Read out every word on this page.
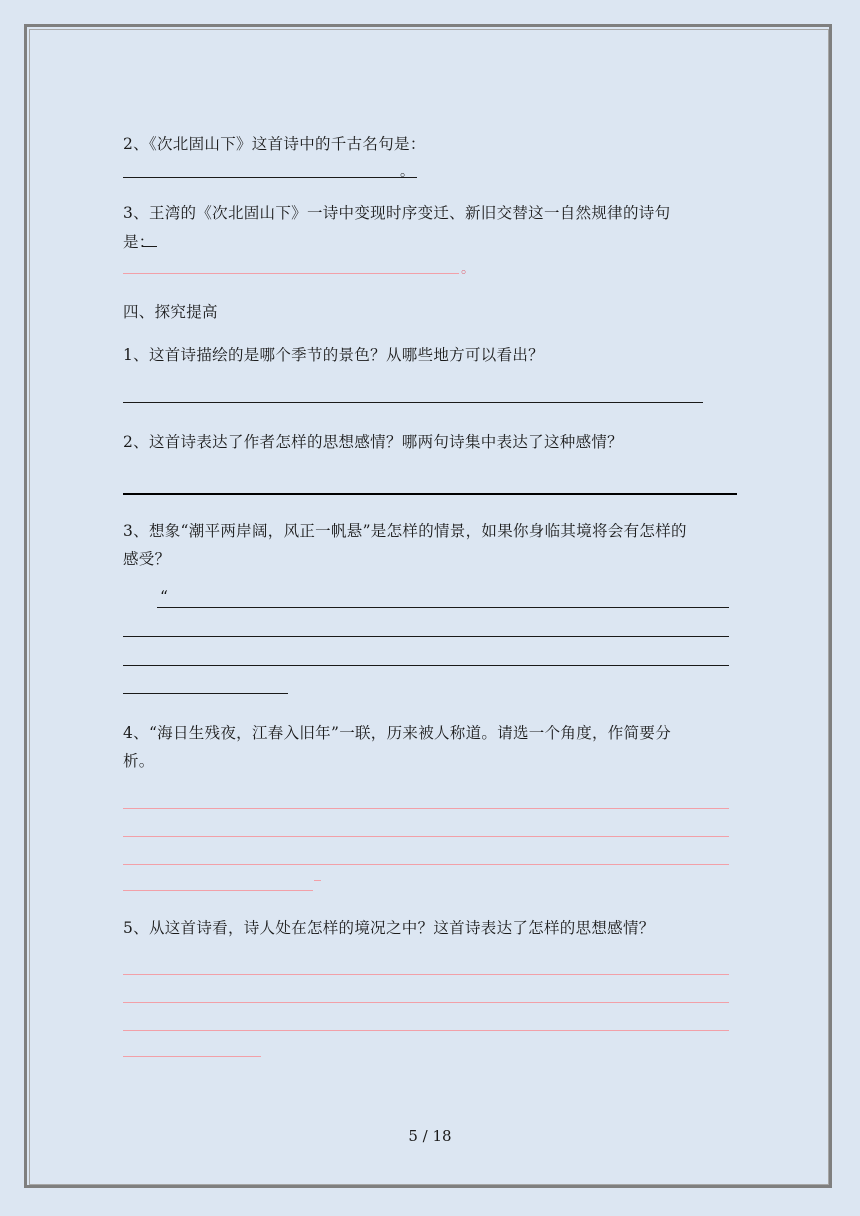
2、《次北固山下》这首诗中的千古名句是：
。
3、王湾的《次北固山下》一诗中变现时序变迁、新旧交替这一自然规律的诗句
是：
。
四、探究提高
1、这首诗描绘的是哪个季节的景色？从哪些地方可以看出？
2、这首诗表达了作者怎样的思想感情？哪两句诗集中表达了这种感情？
3、想象“潮平两岸阔，风正一帆悬”是怎样的情景，如果你身临其境将会有怎样的
感受？
“
4、“海日生残夜，江春入旧年”一联，历来被人称道。请选一个角度，作简要分
析。
5、从这首诗看，诗人处在怎样的境况之中？这首诗表达了怎样的思想感情？
5 / 18
